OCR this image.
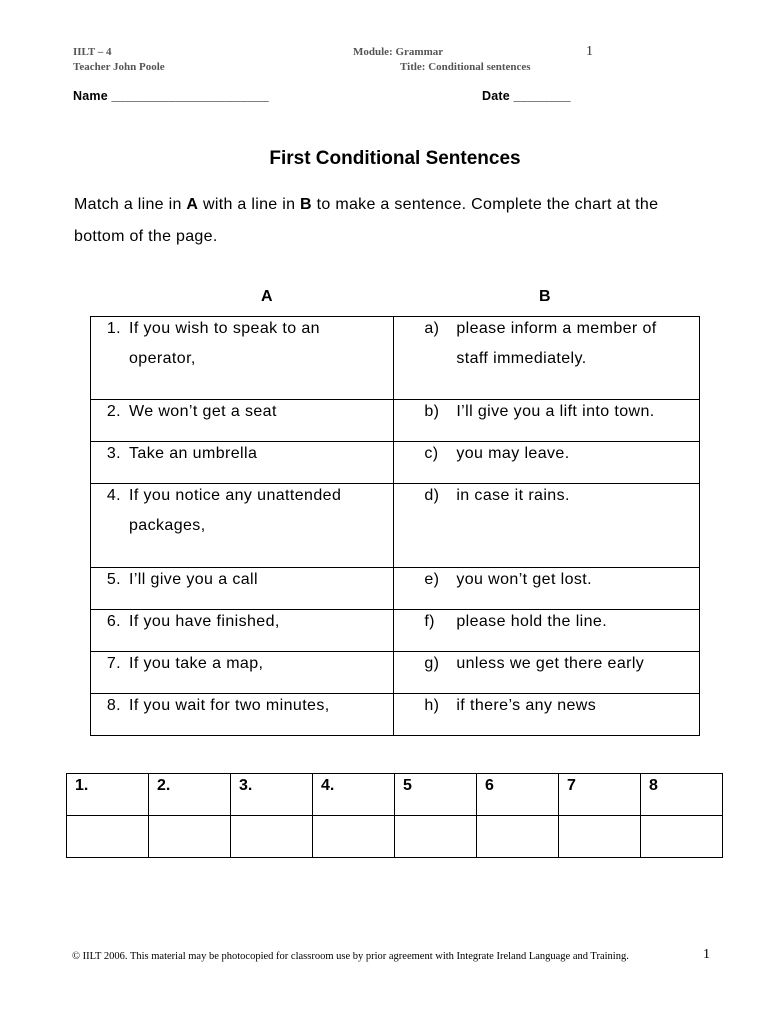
IILT – 4
Teacher John Poole
Module: Grammar
Title: Conditional sentences
1
Name ______________________	Date ________
First Conditional Sentences
Match a line in A with a line in B to make a sentence. Complete the chart at the
bottom of the page.
A	B
1. If you wish to speak to an
operator,	a) please inform a member of
staff immediately.

2. We won’t get a seat	b) I’ll give you a lift into town.

3. Take an umbrella	c) you may leave.

4. If you notice any unattended
packages,	d) in case it rains.

5. I’ll give you a call	e) you won’t get lost.

6. If you have finished,	f) please hold the line.

7. If you take a map,	g) unless we get there early

8. If you wait for two minutes,	h) if there’s any news
1.	2.	3.	4.	5	6	7	8

© IILT 2006. This material may be photocopied for classroom use by prior agreement with Integrate Ireland Language and Training.	1
